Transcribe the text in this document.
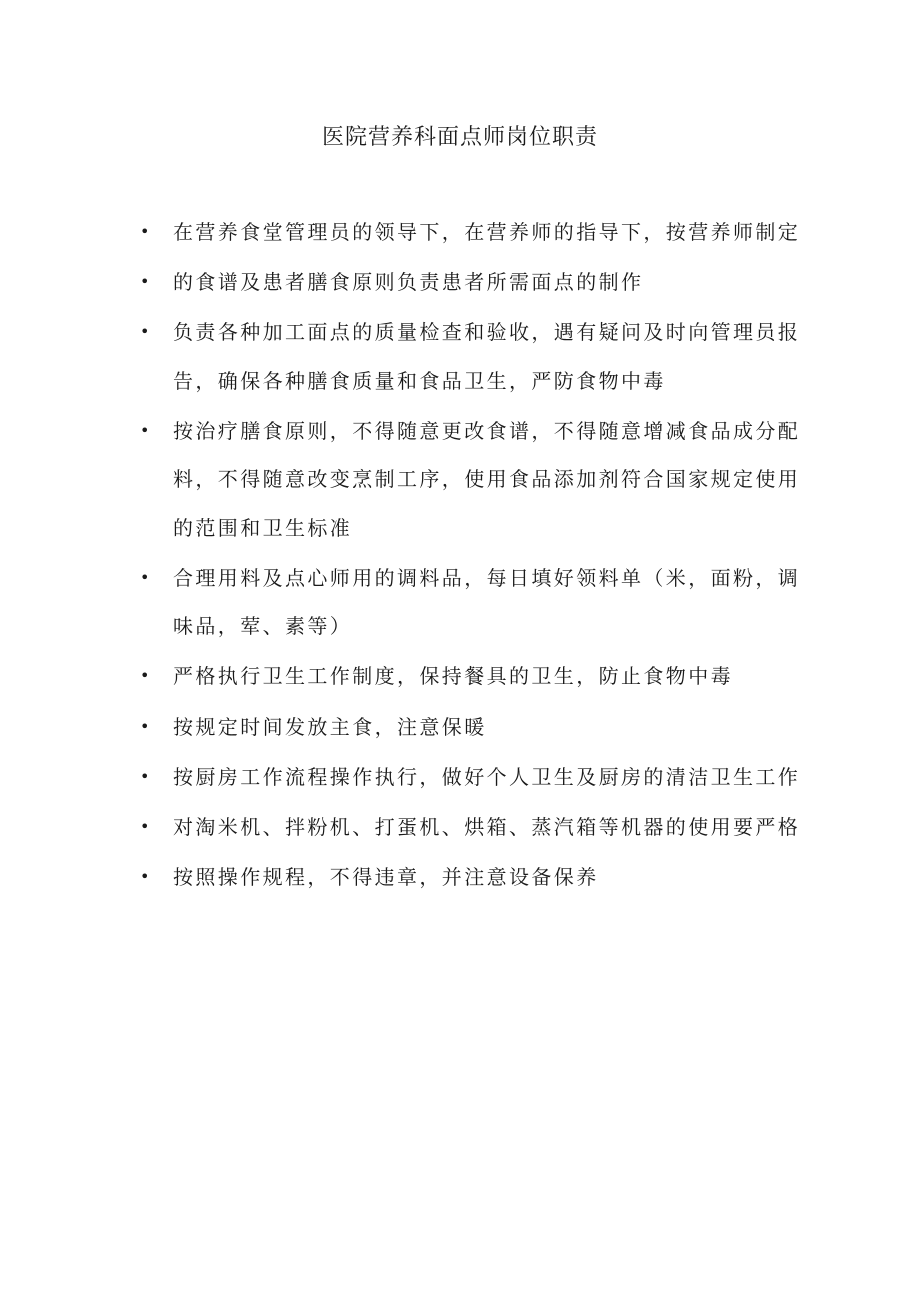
医院营养科面点师岗位职责
•	在营养食堂管理员的领导下，在营养师的指导下，按营养师制定
•	的食谱及患者膳食原则负责患者所需面点的制作
•	负责各种加工面点的质量检查和验收，遇有疑问及时向管理员报告，确保各种膳食质量和食品卫生，严防食物中毒
•	按治疗膳食原则，不得随意更改食谱，不得随意增减食品成分配料，不得随意改变烹制工序，使用食品添加剂符合国家规定使用的范围和卫生标准
•	合理用料及点心师用的调料品，每日填好领料单（米，面粉，调味品，荤、素等）
•	严格执行卫生工作制度，保持餐具的卫生，防止食物中毒
•	按规定时间发放主食，注意保暖
•	按厨房工作流程操作执行，做好个人卫生及厨房的清洁卫生工作
•	对淘米机、拌粉机、打蛋机、烘箱、蒸汽箱等机器的使用要严格
•	按照操作规程，不得违章，并注意设备保养
